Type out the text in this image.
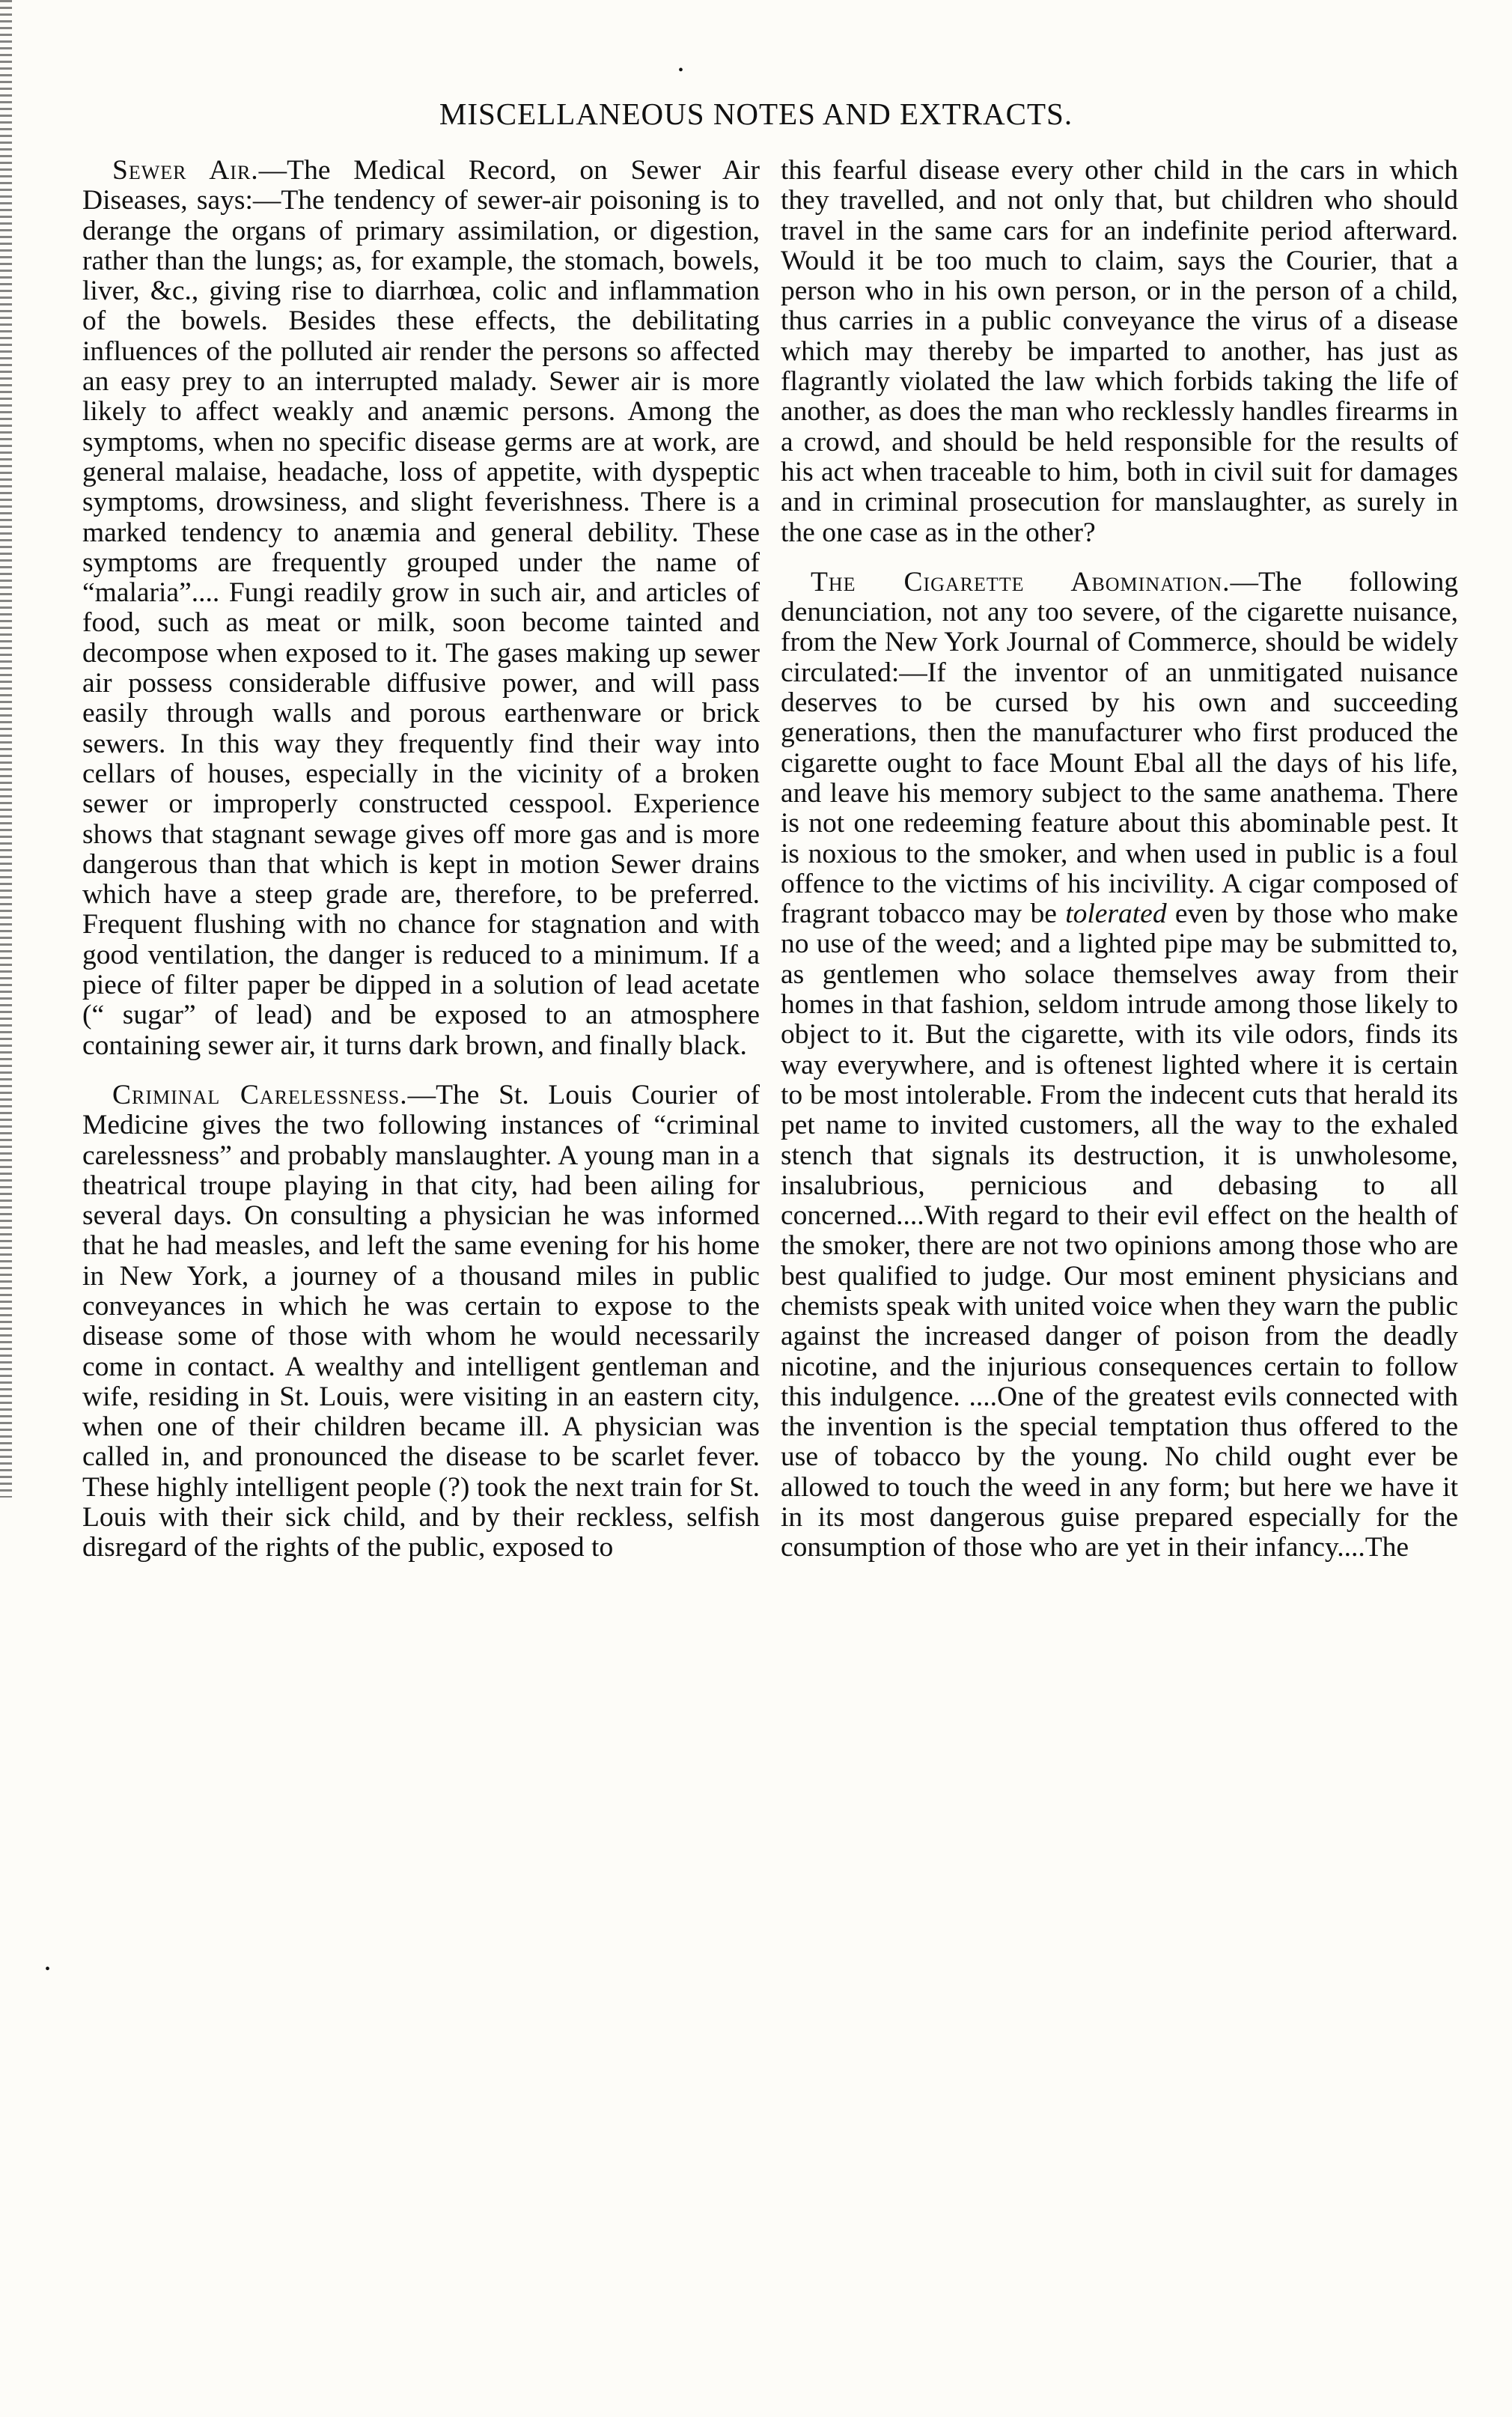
•
•
MISCELLANEOUS NOTES AND EXTRACTS.

Sewer Air.—The Medical Record, on Sewer Air Diseases, says:—The tendency of sewer-air poisoning is to derange the organs of primary assimilation, or digestion, rather than the lungs; as, for example, the stomach, bowels, liver, &c., giving rise to diarrhœa, colic and inflammation of the bowels. Besides these effects, the debilitating influences of the polluted air render the persons so affected an easy prey to an interrupted malady. Sewer air is more likely to affect weakly and anæmic persons. Among the symptoms, when no specific disease germs are at work, are general malaise, headache, loss of appetite, with dyspeptic symptoms, drowsiness, and slight feverishness. There is a marked tendency to anæmia and general debility. These symptoms are frequently grouped under the name of “malaria”.... Fungi readily grow in such air, and articles of food, such as meat or milk, soon become tainted and decompose when exposed to it. The gases making up sewer air possess considerable diffusive power, and will pass easily through walls and porous earthenware or brick sewers. In this way they frequently find their way into cellars of houses, especially in the vicinity of a broken sewer or improperly constructed cesspool. Experience shows that stagnant sewage gives off more gas and is more dangerous than that which is kept in motion Sewer drains which have a steep grade are, therefore, to be preferred. Frequent flushing with no chance for stagnation and with good ventilation, the danger is reduced to a minimum. If a piece of filter paper be dipped in a solution of lead acetate (“ sugar” of lead) and be exposed to an atmosphere containing sewer air, it turns dark brown, and finally black.

Criminal Carelessness.—The St. Louis Courier of Medicine gives the two following instances of “criminal carelessness” and probably manslaughter. A young man in a theatrical troupe playing in that city, had been ailing for several days. On consulting a physician he was informed that he had measles, and left the same evening for his home in New York, a journey of a thousand miles in public conveyances in which he was certain to expose to the disease some of those with whom he would necessarily come in contact. A wealthy and intelligent gentleman and wife, residing in St. Louis, were visiting in an eastern city, when one of their children became ill. A physician was called in, and pronounced the disease to be scarlet fever. These highly intelligent people (?) took the next train for St. Louis with their sick child, and by their reckless, selfish disregard of the rights of the public, exposed to

this fearful disease every other child in the cars in which they travelled, and not only that, but children who should travel in the same cars for an indefinite period afterward. Would it be too much to claim, says the Courier, that a person who in his own person, or in the person of a child, thus carries in a public conveyance the virus of a disease which may thereby be imparted to another, has just as flagrantly violated the law which forbids taking the life of another, as does the man who recklessly handles firearms in a crowd, and should be held responsible for the results of his act when traceable to him, both in civil suit for damages and in criminal prosecution for manslaughter, as surely in the one case as in the other?

The Cigarette Abomination.—The following denunciation, not any too severe, of the cigarette nuisance, from the New York Journal of Commerce, should be widely circulated:—If the inventor of an unmitigated nuisance deserves to be cursed by his own and succeeding generations, then the manufacturer who first produced the cigarette ought to face Mount Ebal all the days of his life, and leave his memory subject to the same anathema. There is not one redeeming feature about this abominable pest. It is noxious to the smoker, and when used in public is a foul offence to the victims of his incivility. A cigar composed of fragrant tobacco may be tolerated even by those who make no use of the weed; and a lighted pipe may be submitted to, as gentlemen who solace themselves away from their homes in that fashion, seldom intrude among those likely to object to it. But the cigarette, with its vile odors, finds its way everywhere, and is oftenest lighted where it is certain to be most intolerable. From the indecent cuts that herald its pet name to invited customers, all the way to the exhaled stench that signals its destruction, it is unwholesome, insalubrious, pernicious and debasing to all concerned....With regard to their evil effect on the health of the smoker, there are not two opinions among those who are best qualified to judge. Our most eminent physicians and chemists speak with united voice when they warn the public against the increased danger of poison from the deadly nicotine, and the injurious consequences certain to follow this indulgence. ....One of the greatest evils connected with the invention is the special temptation thus offered to the use of tobacco by the young. No child ought ever be allowed to touch the weed in any form; but here we have it in its most dangerous guise prepared especially for the consumption of those who are yet in their infancy....The
